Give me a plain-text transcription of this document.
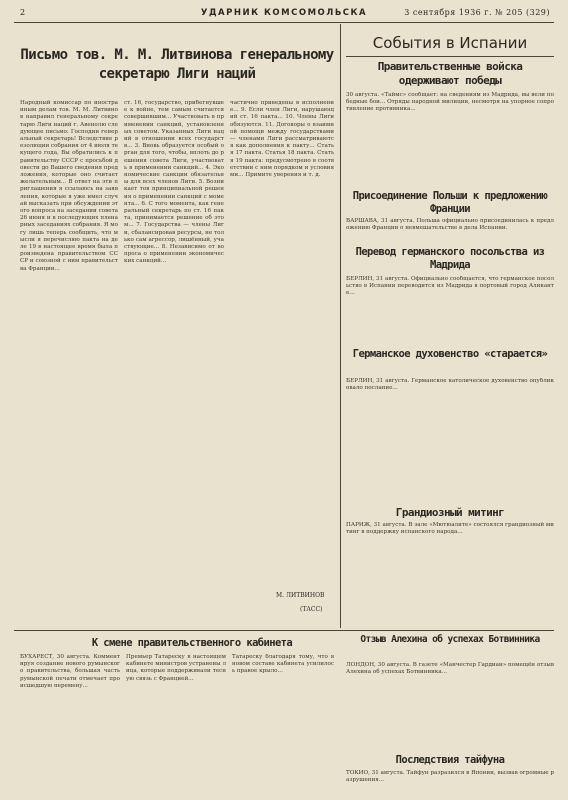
2	УДАРНИК КОМСОМОЛЬСКА	3 сентября 1936 г. № 205 (329)
Письмо тов. М. М. Литвинова генеральному секретарю Лиги наций
Народный комиссар по иностранным делам тов. М. М. Литвинов направил генеральному секретарю Лиги наций г. Авенолю следующее письмо: Господин генеральный секретарь! Вследствие резолюции собрания от 4 июля текущего года, Вы обратились к правительству СССР с просьбой довести до Вашего сведения предложения, которые оно считает желательным... В ответ на эти приглашения я ссылаюсь на заявления, которые я уже имел случай высказать при обсуждении этого вопроса на заседании совета 26 июня и в последующих пленарных заседаниях собрания. Я могу лишь теперь сообщить, что мысли я перечисляю пакта на деле 19 в настоящее время была произведена правительством СССР и союзной с ним правительства Франции...
ст. 16, государство, прибегнувшее к войне, тем самым считается совершившим... Участвовать в применении санкций, установленных советом. Указанных Лиги наций в отношении всех государств... 3. Вновь образуется особый орган для того, чтобы, вплоть до решения совета Лиги, участвовать в применении санкций... 4. Экономические санкции обязательны для всех членов Лиги. 5. Возникает тов принципиальной решения о применении санкций с момента... 6. С того момента, как генеральный секретарь по ст. 16 пакта, принимается решение об этом... 7. Государства — члены Лиги, сбалансировав ресурсы, не только сам агрессор, лишённый, участвующие... 8. Независимо от вопроса о применении экономических санкций...
частично приведены в исполнение... 9. Если член Лиги, нарушающий ст. 16 пакта... 10. Члены Лиги обязуются. 11. Договоры о взаимной помощи между государствами — членами Лиги рассматриваются как дополнения к пакту... Статья 17 пакта. Статья 18 пакта. Статья 19 пакта: предусмотрено в соответствии с ним порядком и условиями... Примите уверения и т. д.
М. ЛИТВИНОВ
(ТАСС)
События в Испании
Правительственные войска одерживают победы
30 августа. «Таймс» сообщает: на сведениям из Мадрида, вы вели победные бои... Отряды народной милиции, несмотря на упорное сопротивление противника...
Присоединение Польши к предложению Франции
ВАРШАВА, 31 августа. Польша официально присоединилась к предложению Франции о невмешательстве в дела Испании.
Перевод германского посольства из Мадрида
БЕРЛИН, 31 августа. Официально сообщается, что германское посольство в Испании переводится из Мадрида в портовый город Аликанте...
Германское духовенство «старается»
БЕРЛИН, 31 августа. Германское католическое духовенство опубликовало послание...
Грандиозный митинг
ПАРИЖ, 31 августа. В зале «Мютюалите» состоялся грандиозный митинг в поддержку испанского народа...
К смене правительственного кабинета
БУХАРЕСТ, 30 августа. Комментируя создание нового румынского правительства, большая часть румынской печати отмечает происшедшую перемену...
Премьер Татареску в настоящем кабинете министров устранены лица, которые поддерживали тесную связь с Францией...
Татареску благодаря тому, что в новом составе кабинета усилилось правое крыло...
Отзыв Алехина об успехах Ботвинника
ЛОНДОН, 30 августа. В газете «Манчестер Гардиан» помещён отзыв Алехина об успехах Ботвинника...
Последствия тайфуна
ТОКИО, 31 августа. Тайфун разразился в Японии, вызвав огромные разрушения...
